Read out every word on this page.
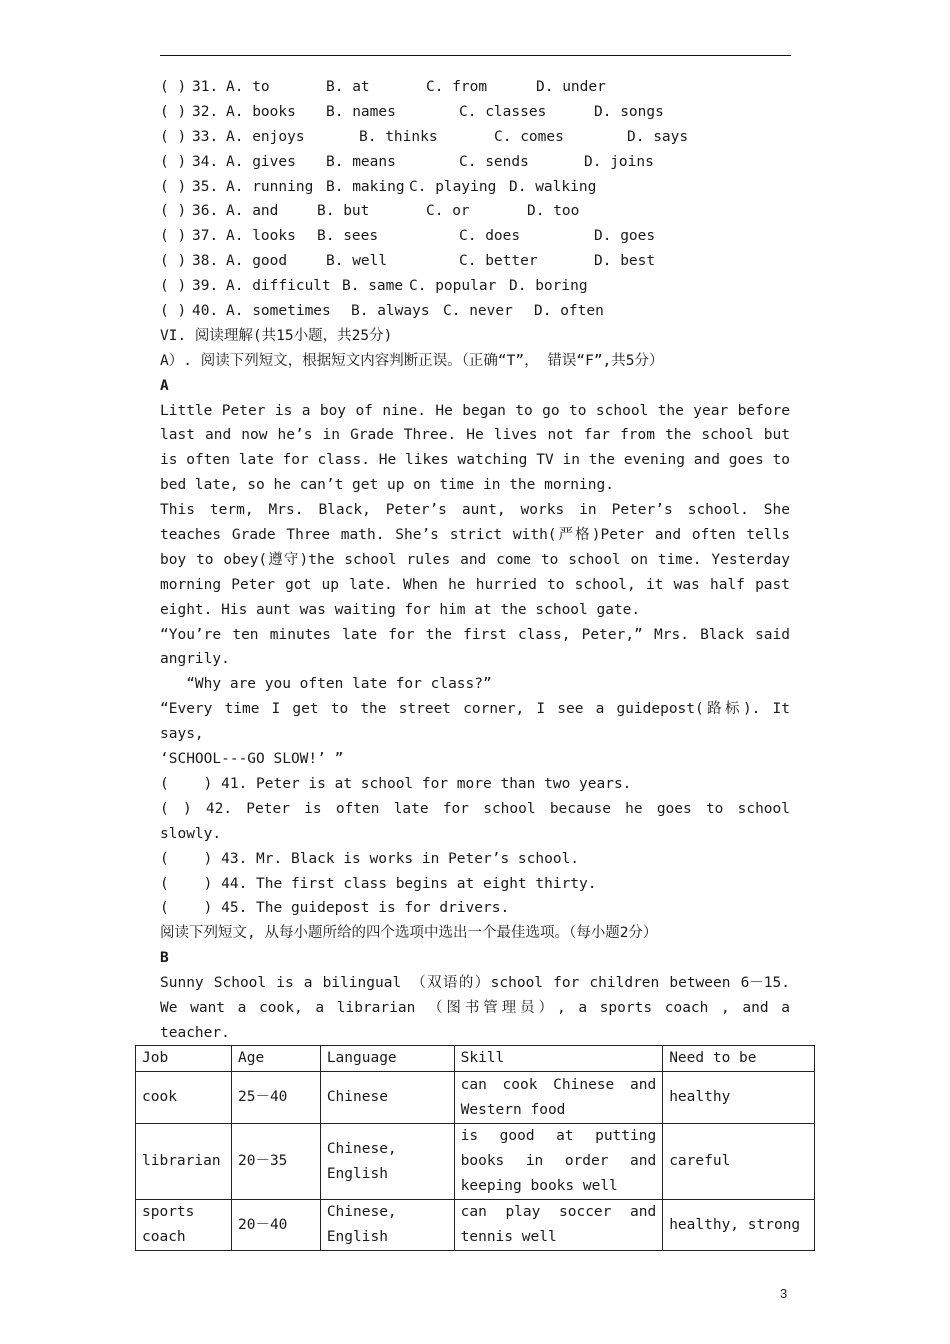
( ) 31. A. to	B. at	C. from	D. under
( ) 32. A. books B. names	C. classes	D. songs
( ) 33. A. enjoys	B. thinks	C. comes	D. says
( ) 34. A. gives B. means	C. sends	D. joins
( ) 35. A. running B. making C. playing D. walking
( ) 36. A. and	B. but	C. or	D. too
( ) 37. A. looks B. sees	C. does	D. goes
( ) 38. A. good	B. well	C. better	D. best
( ) 39. A. difficult B. same C. popular D. boring
( ) 40. A. sometimes B. always C. never D. often
VI. 阅读理解(共15小题，共25分)
A）. 阅读下列短文，根据短文内容判断正误。（正确“T”， 错误“F”,共5分）
A
Little Peter is a boy of nine. He began to go to school the year before
last and now he’s in Grade Three. He lives not far from the school but
is often late for class. He likes watching TV in the evening and goes to
bed late, so he can’t get up on time in the morning.
This term, Mrs. Black, Peter’s aunt, works in Peter’s school. She
teaches Grade Three math. She’s strict with(严格)Peter and often tells
boy to obey(遵守)the school rules and come to school on time. Yesterday
morning Peter got up late. When he hurried to school, it was half past
eight. His aunt was waiting for him at the school gate.
“You’re ten minutes late for the first class, Peter,” Mrs. Black said
angrily.
“Why are you often late for class?”
“Every time I get to the street corner, I see a guidepost(路标). It
says,
‘SCHOOL---GO SLOW!’ ”
(    ) 41. Peter is at school for more than two years.
( ) 42. Peter is often late for school because he goes to school
slowly.
(    ) 43. Mr. Black is works in Peter’s school.
(    ) 44. The first class begins at eight thirty.
(    ) 45. The guidepost is for drivers.
阅读下列短文, 从每小题所给的四个选项中选出一个最佳选项。（每小题2分）
B
Sunny School is a bilingual （双语的）school for children between 6－15.
We want a cook, a librarian （图书管理员）, a sports coach , and a
teacher.
Job	Age	Language	Skill	Need to be
cook	25－40	Chinese	can cook Chinese and Western food	healthy
librarian	20－35	Chinese, English	is good at putting books in order and keeping books well	careful
sports coach	20－40	Chinese, English	can play soccer and tennis well	healthy, strong
3
